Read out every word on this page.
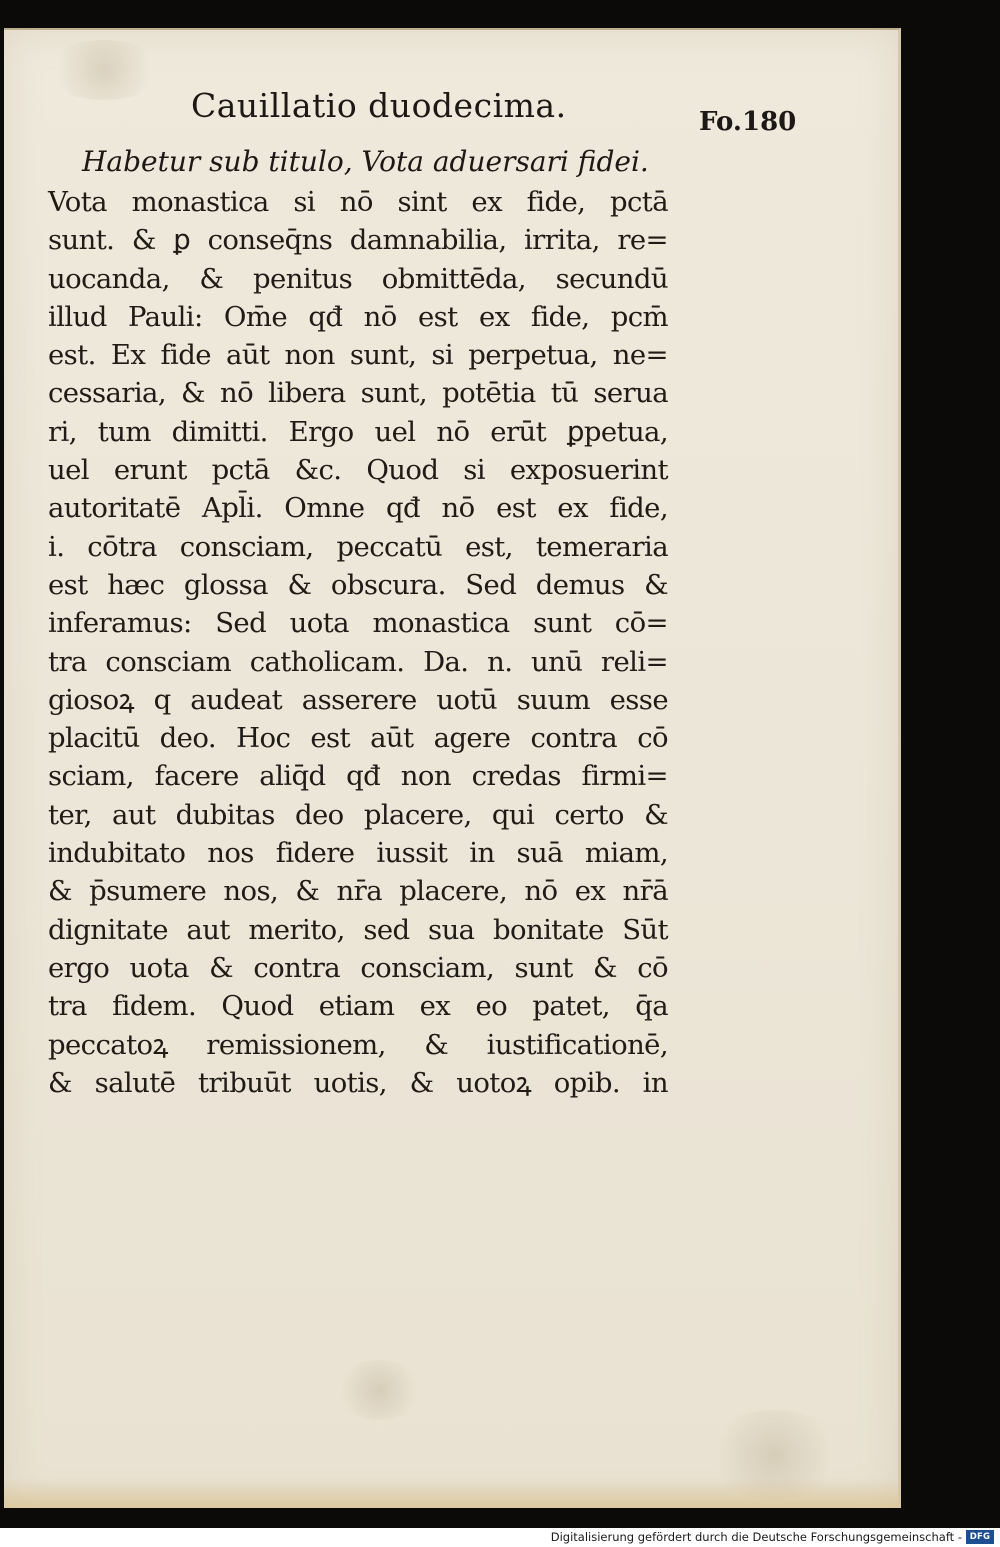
Cauillatio duodecima.	Fo.180
Habetur sub titulo, Vota aduersari fidei.
Vota monastica si nō sint ex fide, pctā
sunt. & ꝑ conseq̄ns damnabilia, irrita, re=
uocanda, & penitus obmittēda, secundū
illud Pauli: Om̄e qđ nō est ex fide, pcm̄
est. Ex fide aūt non sunt, si perpetua, ne=
cessaria, & nō libera sunt, potētia tū serua
ri, tum dimitti. Ergo uel nō erūt ꝑpetua,
uel erunt pctā &c. Quod si exposuerint
autoritatē Apl̄i. Omne qđ nō est ex fide,
i. cōtra consciam, peccatū est, temeraria
est hæc glossa & obscura. Sed demus &
inferamus: Sed uota monastica sunt cō=
tra consciam catholicam. Da. n. unū reli=
giosoꝝ q audeat asserere uotū suum esse
placitū deo. Hoc est aūt agere contra cō
sciam, facere aliq̄d qđ non credas firmi=
ter, aut dubitas deo placere, qui certo &
indubitato nos fidere iussit in suā miam,
& p̄sumere nos, & nr̄a placere, nō ex nr̄ā
dignitate aut merito, sed sua bonitate Sūt
ergo uota & contra consciam, sunt & cō
tra fidem. Quod etiam ex eo patet, q̄a
peccatoꝝ remissionem, & iustificationē,
& salutē tribuūt uotis, & uotoꝝ opib. in
Digitalisierung gefördert durch die Deutsche Forschungsgemeinschaft - DFG
